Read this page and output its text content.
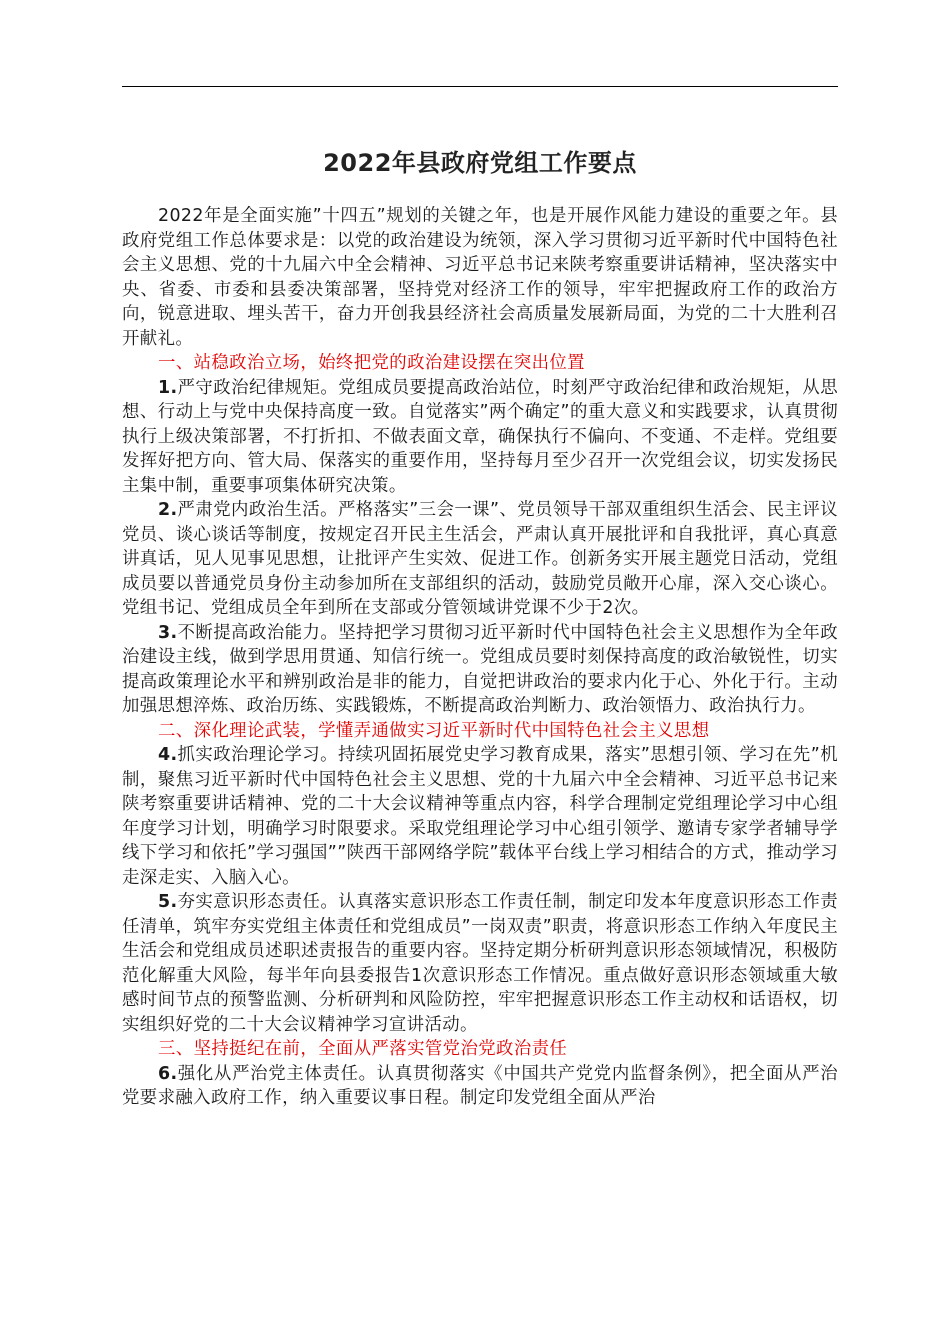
2022年县政府党组工作要点

2022年是全面实施”十四五”规划的关键之年，也是开展作风能力建设的重要之年。县政府党组工作总体要求是：以党的政治建设为统领，深入学习贯彻习近平新时代中国特色社会主义思想、党的十九届六中全会精神、习近平总书记来陕考察重要讲话精神，坚决落实中央、省委、市委和县委决策部署，坚持党对经济工作的领导，牢牢把握政府工作的政治方向，锐意进取、埋头苦干，奋力开创我县经济社会高质量发展新局面，为党的二十大胜利召开献礼。

一、站稳政治立场，始终把党的政治建设摆在突出位置

1.严守政治纪律规矩。党组成员要提高政治站位，时刻严守政治纪律和政治规矩，从思想、行动上与党中央保持高度一致。自觉落实”两个确定”的重大意义和实践要求，认真贯彻执行上级决策部署，不打折扣、不做表面文章，确保执行不偏向、不变通、不走样。党组要发挥好把方向、管大局、保落实的重要作用，坚持每月至少召开一次党组会议，切实发扬民主集中制，重要事项集体研究决策。

2.严肃党内政治生活。严格落实”三会一课”、党员领导干部双重组织生活会、民主评议党员、谈心谈话等制度，按规定召开民主生活会，严肃认真开展批评和自我批评，真心真意讲真话，见人见事见思想，让批评产生实效、促进工作。创新务实开展主题党日活动，党组成员要以普通党员身份主动参加所在支部组织的活动，鼓励党员敞开心扉，深入交心谈心。党组书记、党组成员全年到所在支部或分管领域讲党课不少于2次。

3.不断提高政治能力。坚持把学习贯彻习近平新时代中国特色社会主义思想作为全年政治建设主线，做到学思用贯通、知信行统一。党组成员要时刻保持高度的政治敏锐性，切实提高政策理论水平和辨别政治是非的能力，自觉把讲政治的要求内化于心、外化于行。主动加强思想淬炼、政治历练、实践锻炼，不断提高政治判断力、政治领悟力、政治执行力。

二、深化理论武装，学懂弄通做实习近平新时代中国特色社会主义思想

4.抓实政治理论学习。持续巩固拓展党史学习教育成果，落实”思想引领、学习在先”机制，聚焦习近平新时代中国特色社会主义思想、党的十九届六中全会精神、习近平总书记来陕考察重要讲话精神、党的二十大会议精神等重点内容，科学合理制定党组理论学习中心组年度学习计划，明确学习时限要求。采取党组理论学习中心组引领学、邀请专家学者辅导学线下学习和依托”学习强国””陕西干部网络学院”载体平台线上学习相结合的方式，推动学习走深走实、入脑入心。

5.夯实意识形态责任。认真落实意识形态工作责任制，制定印发本年度意识形态工作责任清单，筑牢夯实党组主体责任和党组成员”一岗双责”职责，将意识形态工作纳入年度民主生活会和党组成员述职述责报告的重要内容。坚持定期分析研判意识形态领域情况，积极防范化解重大风险，每半年向县委报告1次意识形态工作情况。重点做好意识形态领域重大敏感时间节点的预警监测、分析研判和风险防控，牢牢把握意识形态工作主动权和话语权，切实组织好党的二十大会议精神学习宣讲活动。

三、坚持挺纪在前，全面从严落实管党治党政治责任

6.强化从严治党主体责任。认真贯彻落实《中国共产党党内监督条例》，把全面从严治党要求融入政府工作，纳入重要议事日程。制定印发党组全面从严治
